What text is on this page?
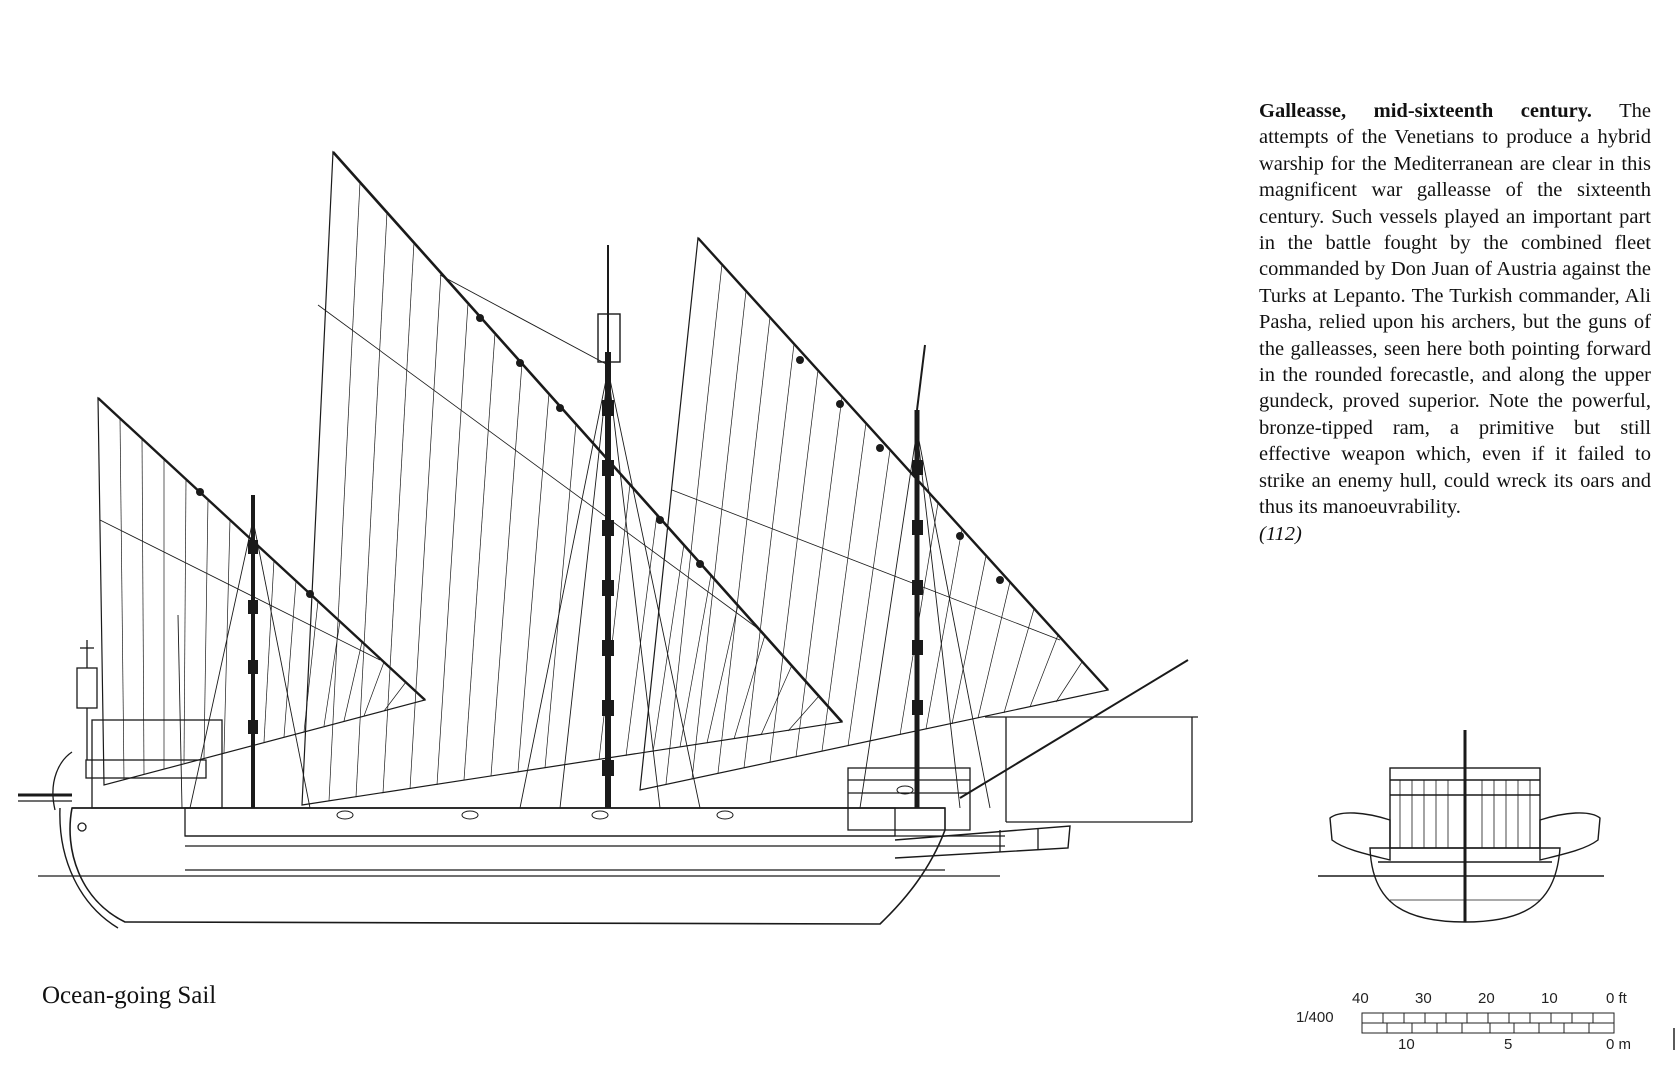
1/400
40	30	20	10	0 ft
10	5	0 m
Galleasse, mid-sixteenth century. The attempts of the Venetians to produce a hybrid warship for the Mediterranean are clear in this magnificent war galleasse of the sixteenth century. Such vessels played an important part in the battle fought by the combined fleet commanded by Don Juan of Austria against the Turks at Lepanto. The Turkish commander, Ali Pasha, relied upon his archers, but the guns of the galleasses, seen here both pointing forward in the rounded forecastle, and along the upper gundeck, proved superior. Note the powerful, bronze-tipped ram, a primitive but still effective weapon which, even if it failed to strike an enemy hull, could wreck its oars and thus its manoeuvrability.
(112)
Ocean-going Sail
